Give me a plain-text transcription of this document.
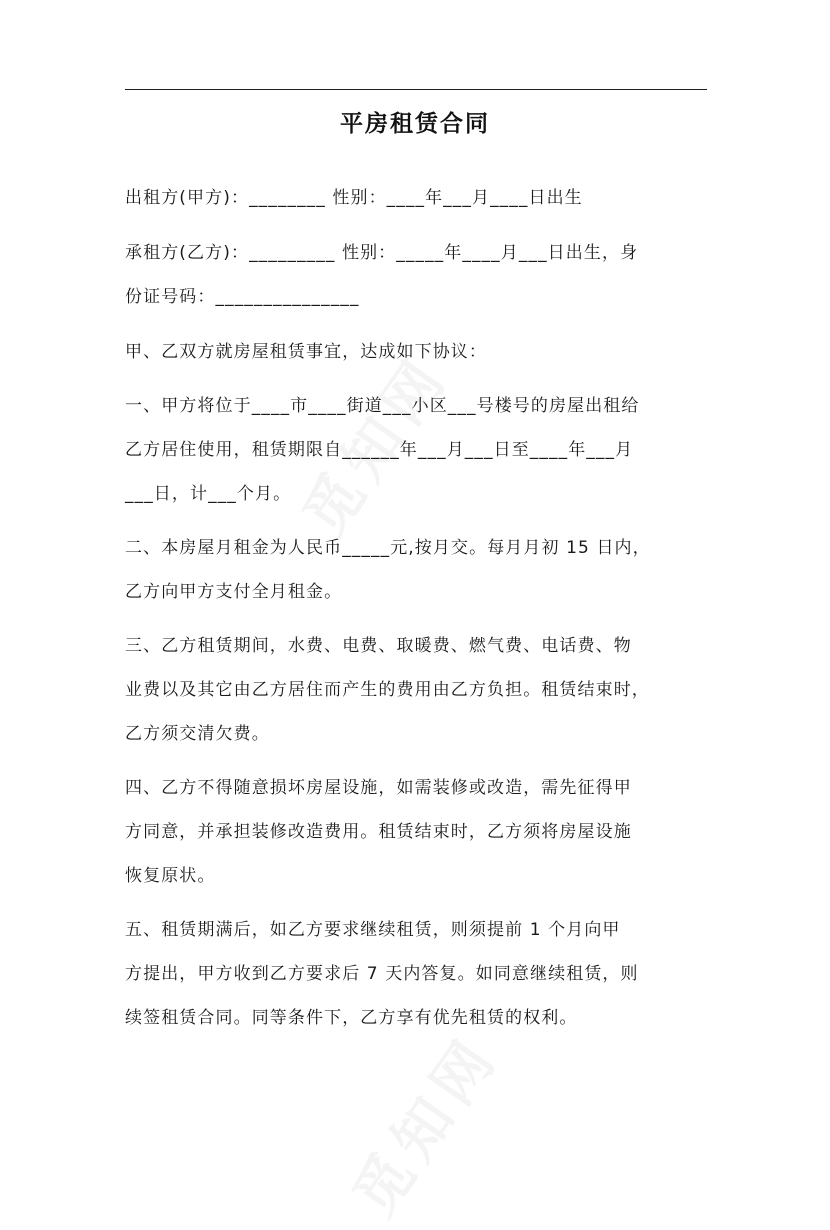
平房租赁合同

出租方(甲方)：________ 性别：____年___月____日出生

承租方(乙方)：_________ 性别：_____年____月___日出生，身

份证号码：_______________

甲、乙双方就房屋租赁事宜，达成如下协议：

一、甲方将位于____市____街道___小区___号楼号的房屋出租给

乙方居住使用，租赁期限自______年___月___日至____年___月

___日，计___个月。

二、本房屋月租金为人民币_____元,按月交。每月月初 15 日内，

乙方向甲方支付全月租金。

三、乙方租赁期间，水费、电费、取暖费、燃气费、电话费、物

业费以及其它由乙方居住而产生的费用由乙方负担。租赁结束时，

乙方须交清欠费。

四、乙方不得随意损坏房屋设施，如需装修或改造，需先征得甲

方同意，并承担装修改造费用。租赁结束时，乙方须将房屋设施

恢复原状。

五、租赁期满后，如乙方要求继续租赁，则须提前 1 个月向甲

方提出，甲方收到乙方要求后 7 天内答复。如同意继续租赁，则

续签租赁合同。同等条件下，乙方享有优先租赁的权利。
